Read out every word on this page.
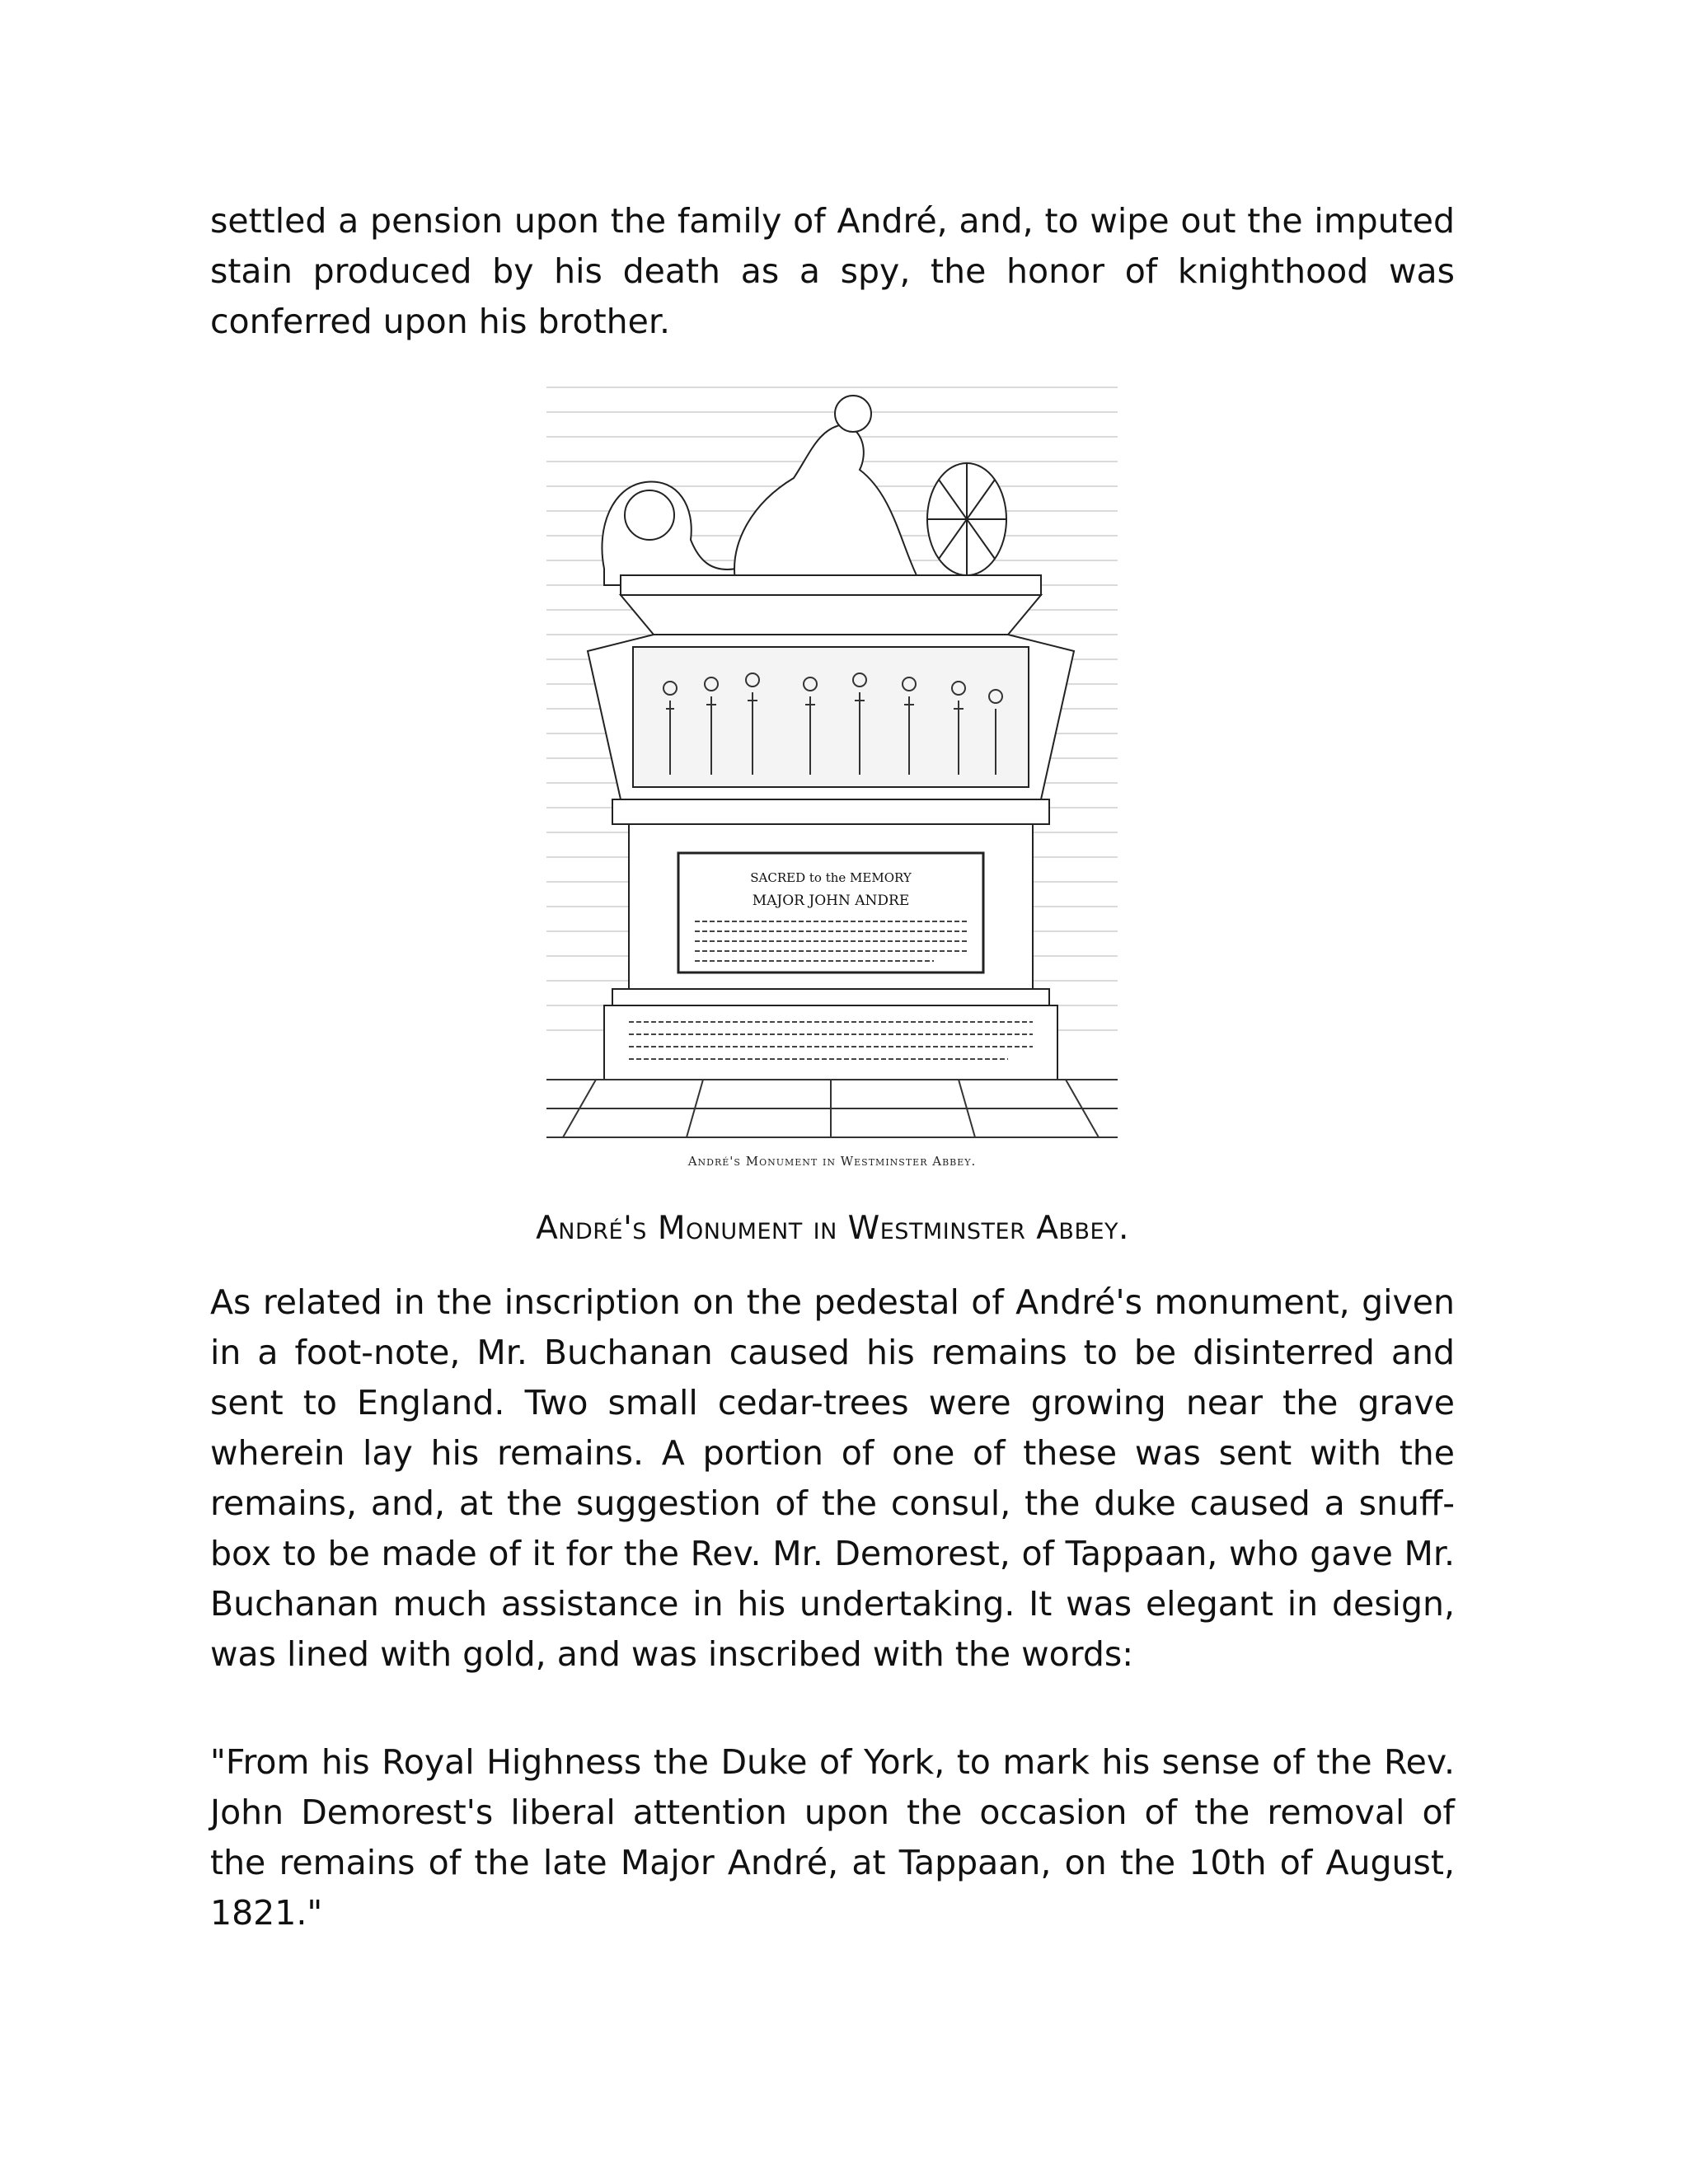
settled a pension upon the family of André, and, to wipe out the imputed stain produced by his death as a spy, the honor of knighthood was conferred upon his brother.

SACRED to the MEMORY
MAJOR JOHN ANDRE
André's Monument in Westminster Abbey.
André's Monument in Westminster Abbey.

As related in the inscription on the pedestal of André's monument, given in a foot-note, Mr. Buchanan caused his remains to be disinterred and sent to England. Two small cedar-trees were growing near the grave wherein lay his remains. A portion of one of these was sent with the remains, and, at the suggestion of the consul, the duke caused a snuff-box to be made of it for the Rev. Mr. Demorest, of Tappaan, who gave Mr. Buchanan much assistance in his undertaking. It was elegant in design, was lined with gold, and was inscribed with the words:

"From his Royal Highness the Duke of York, to mark his sense of the Rev. John Demorest's liberal attention upon the occasion of the removal of the remains of the late Major André, at Tappaan, on the 10th of August, 1821."
